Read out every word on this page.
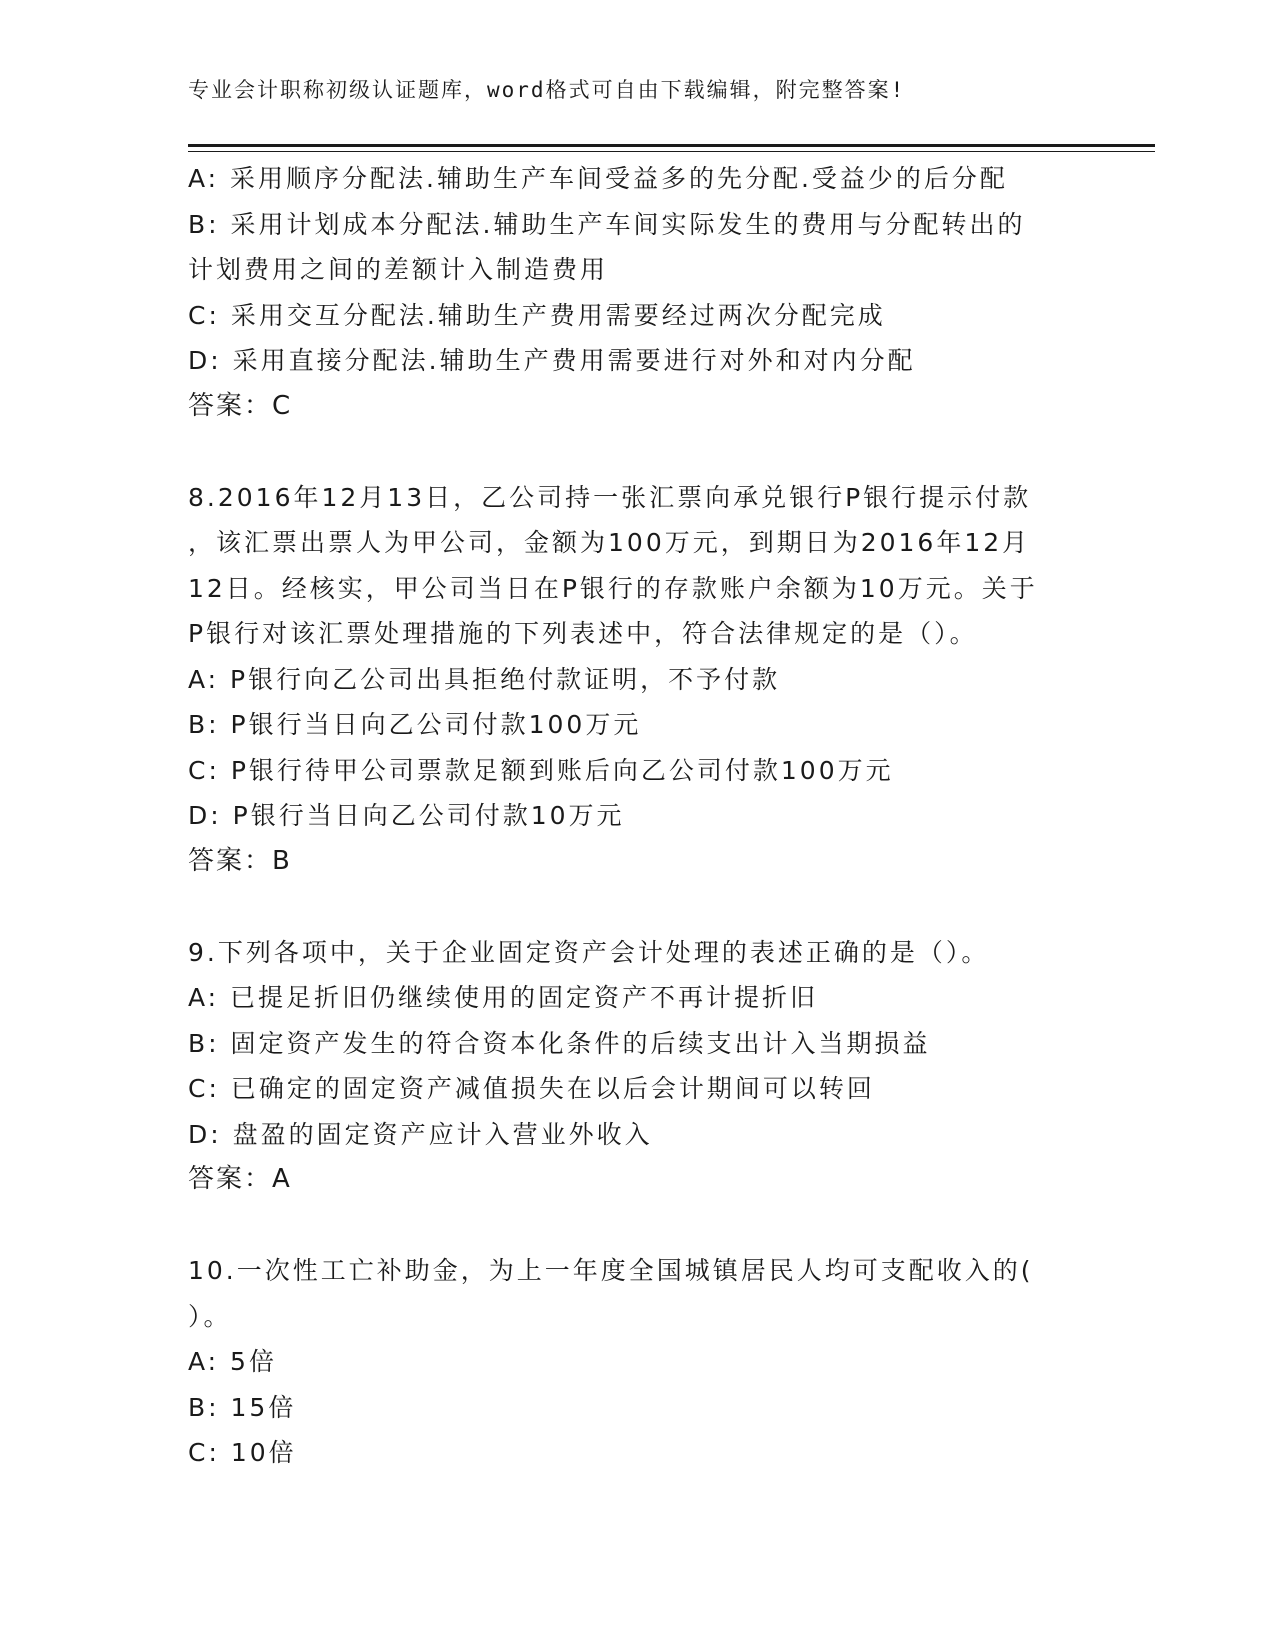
专业会计职称初级认证题库，word格式可自由下载编辑，附完整答案!
A: 采用顺序分配法.辅助生产车间受益多的先分配.受益少的后分配
B: 采用计划成本分配法.辅助生产车间实际发生的费用与分配转出的
计划费用之间的差额计入制造费用
C: 采用交互分配法.辅助生产费用需要经过两次分配完成
D: 采用直接分配法.辅助生产费用需要进行对外和对内分配
答案：C
8.2016年12月13日，乙公司持一张汇票向承兑银行P银行提示付款
，该汇票出票人为甲公司，金额为100万元，到期日为2016年12月
12日。经核实，甲公司当日在P银行的存款账户余额为10万元。关于
P银行对该汇票处理措施的下列表述中，符合法律规定的是（）。
A: P银行向乙公司出具拒绝付款证明，不予付款
B: P银行当日向乙公司付款100万元
C: P银行待甲公司票款足额到账后向乙公司付款100万元
D: P银行当日向乙公司付款10万元
答案：B
9.下列各项中，关于企业固定资产会计处理的表述正确的是（）。
A: 已提足折旧仍继续使用的固定资产不再计提折旧
B: 固定资产发生的符合资本化条件的后续支出计入当期损益
C: 已确定的固定资产减值损失在以后会计期间可以转回
D: 盘盈的固定资产应计入营业外收入
答案：A
10.一次性工亡补助金，为上一年度全国城镇居民人均可支配收入的(
）。
A: 5倍
B: 15倍
C: 10倍
